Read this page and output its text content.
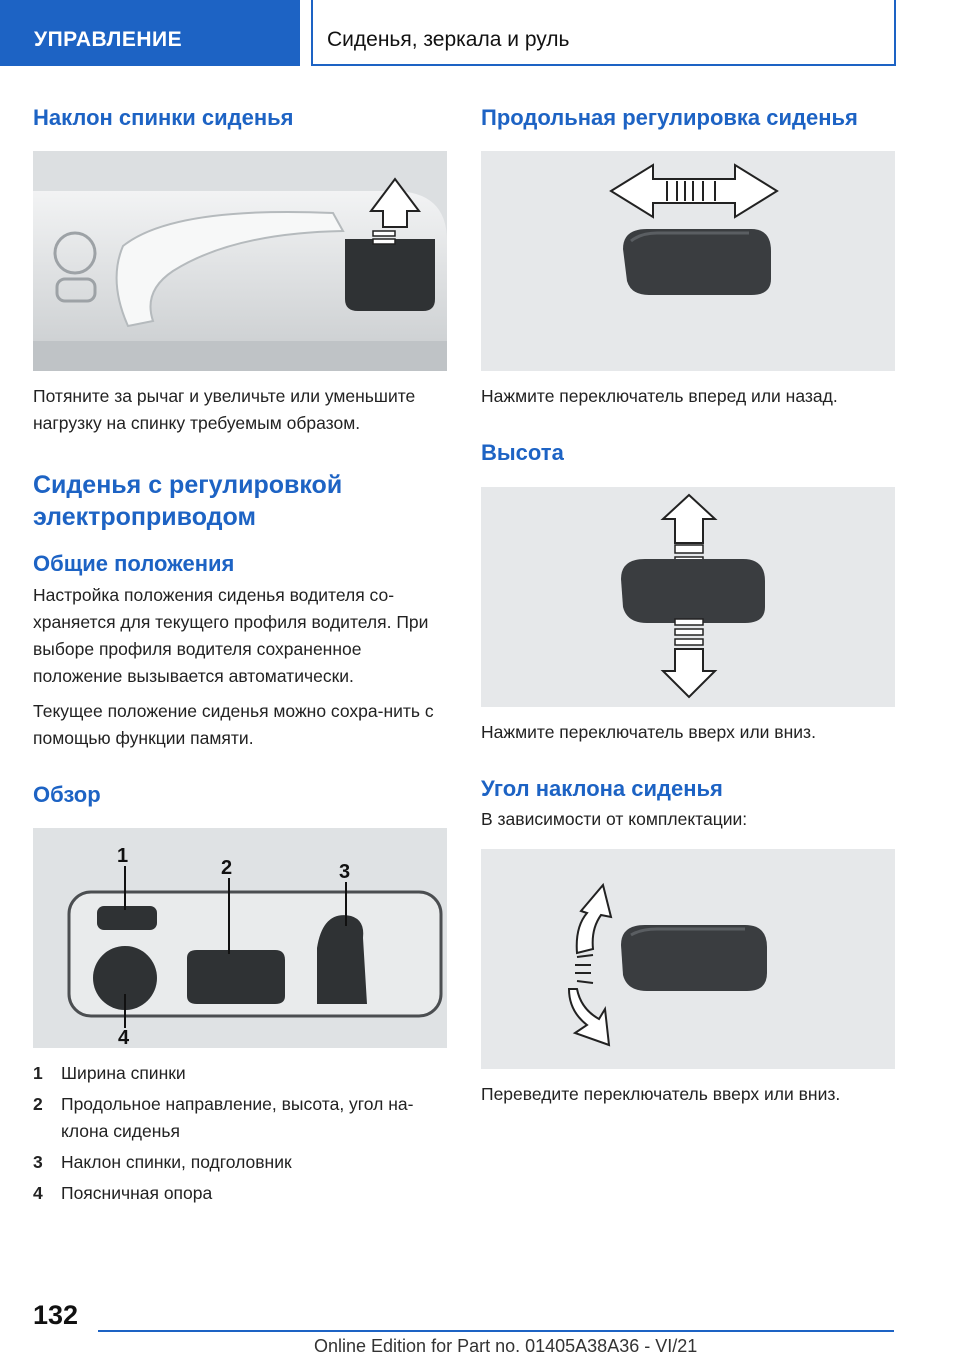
УПРАВЛЕНИЕ	Сиденья, зеркала и руль
Наклон спинки сиденья

Потяните за рычаг и увеличьте или уменьшите нагрузку на спинку требуемым образом.

Сиденья с регулировкой электроприводом
Общие положения

Настройка положения сиденья водителя со-храняется для текущего профиля водителя. При выборе профиля водителя сохраненное положение вызывается автоматически.

Текущее положение сиденья можно сохра-нить с помощью функции памяти.

Обзор
1
2	3
4
1	Ширина спинки
2	Продольное направление, высота, угол на-клона сиденья
3	Наклон спинки, подголовник
4	Поясничная опора
Продольная регулировка сиденья

Нажмите переключатель вперед или назад.

Высота

Нажмите переключатель вверх или вниз.

Угол наклона сиденья

В зависимости от комплектации:

Переведите переключатель вверх или вниз.

132
Online Edition for Part no. 01405A38A36 - VI/21
